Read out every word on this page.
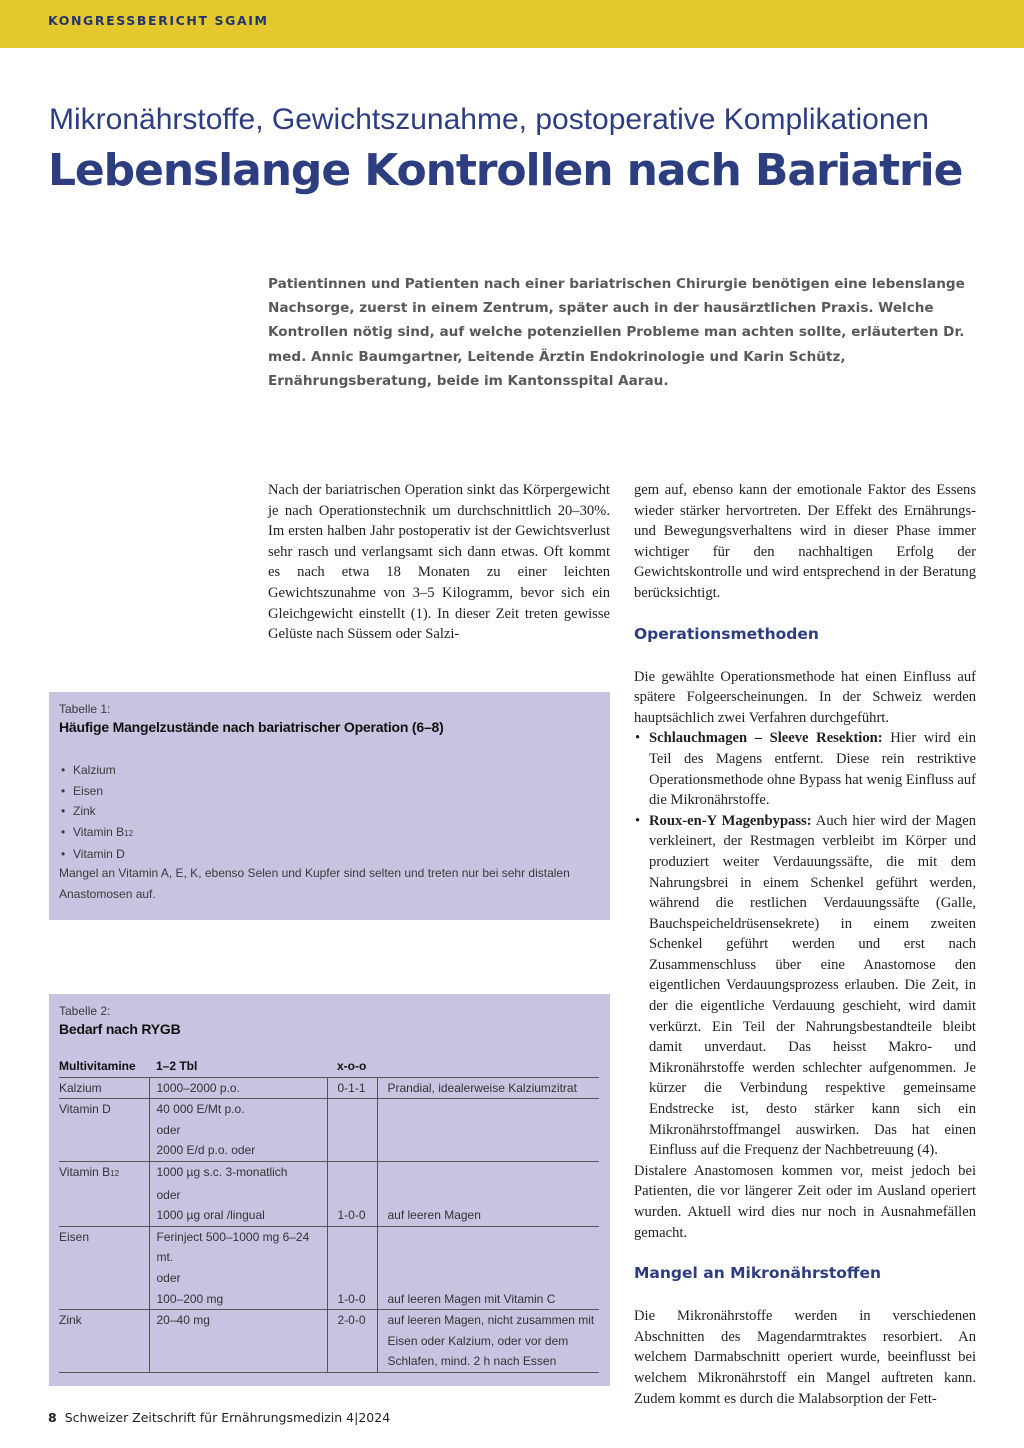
KONGRESSBERICHT SGAIM
Mikronährstoffe, Gewichtszunahme, postoperative Komplikationen
Lebenslange Kontrollen nach Bariatrie
Patientinnen und Patienten nach einer bariatrischen Chirurgie benötigen eine lebenslange Nachsorge, zuerst in einem Zentrum, später auch in der hausärztlichen Praxis. Welche Kontrollen nötig sind, auf welche potenziellen Probleme man achten sollte, erläuterten Dr. med. Annic Baumgartner, Leitende Ärztin Endokrinologie und Karin Schütz, Ernährungsberatung, beide im Kantonsspital Aarau.

Nach der bariatrischen Operation sinkt das Körpergewicht je nach Operationstechnik um durchschnittlich 20–30%. Im ersten halben Jahr postoperativ ist der Gewichtsverlust sehr rasch und verlangsamt sich dann etwas. Oft kommt es nach etwa 18 Monaten zu einer leichten Gewichtszunahme von 3–5 Kilogramm, bevor sich ein Gleichgewicht einstellt (1). In dieser Zeit treten gewisse Gelüste nach Süssem oder Salzi-

gem auf, ebenso kann der emotionale Faktor des Essens wieder stärker hervortreten. Der Effekt des Ernährungs- und Bewegungsverhaltens wird in dieser Phase immer wichtiger für den nachhaltigen Erfolg der Gewichtskontrolle und wird entsprechend in der Beratung berücksichtigt.

Operationsmethoden

Die gewählte Operationsmethode hat einen Einfluss auf spätere Folgeerscheinungen. In der Schweiz werden hauptsächlich zwei Verfahren durchgeführt.

• Schlauchmagen – Sleeve Resektion: Hier wird ein Teil des Magens entfernt. Diese rein restriktive Operationsmethode ohne Bypass hat wenig Einfluss auf die Mikronährstoffe.
• Roux-en-Y Magenbypass: Auch hier wird der Magen verkleinert, der Restmagen verbleibt im Körper und produziert weiter Verdauungssäfte, die mit dem Nahrungsbrei in einem Schenkel geführt werden, während die restlichen Verdauungssäfte (Galle, Bauchspeicheldrüsensekrete) in einem zweiten Schenkel geführt werden und erst nach Zusammenschluss über eine Anastomose den eigentlichen Verdauungsprozess erlauben. Die Zeit, in der die eigentliche Verdauung geschieht, wird damit verkürzt. Ein Teil der Nahrungsbestandteile bleibt damit unverdaut. Das heisst Makro- und Mikronährstoffe werden schlechter aufgenommen. Je kürzer die Verbindung respektive gemeinsame Endstrecke ist, desto stärker kann sich ein Mikronährstoffmangel auswirken. Das hat einen Einfluss auf die Frequenz der Nachbetreuung (4).

Distalere Anastomosen kommen vor, meist jedoch bei Patienten, die vor längerer Zeit oder im Ausland operiert wurden. Aktuell wird dies nur noch in Ausnahmefällen gemacht.

Mangel an Mikronährstoffen

Die Mikronährstoffe werden in verschiedenen Abschnitten des Magendarmtraktes resorbiert. An welchem Darmabschnitt operiert wurde, beeinflusst bei welchem Mikronährstoff ein Mangel auftreten kann. Zudem kommt es durch die Malabsorption der Fett-

Tabelle 1:
Häufige Mangelzustände nach bariatrischer Operation (6–8)
• Kalzium
• Eisen
• Zink
• Vitamin B12
• Vitamin D
Mangel an Vitamin A, E, K, ebenso Selen und Kupfer sind selten und treten nur bei sehr distalen Anastomosen auf.
Tabelle 2:
Bedarf nach RYGB
Multivitamine	1–2 Tbl	x-o-o	
Kalzium	1000–2000 p.o.	0-1-1	Prandial, idealerweise Kalziumzitrat
Vitamin D	40 000 E/Mt p.o.		
	oder		
	2000 E/d p.o. oder		
Vitamin B12	1000 µg s.c. 3-monatlich		
	oder		
	1000 µg oral /lingual	1-0-0	auf leeren Magen
Eisen	Ferinject 500–1000 mg 6–24 mt.		
	oder		
	100–200 mg	1-0-0	auf leeren Magen mit Vitamin C
Zink	20–40 mg	2-0-0	auf leeren Magen, nicht zusammen mit
			Eisen oder Kalzium, oder vor dem
			Schlafen, mind. 2 h nach Essen
8 Schweizer Zeitschrift für Ernährungsmedizin 4|2024
